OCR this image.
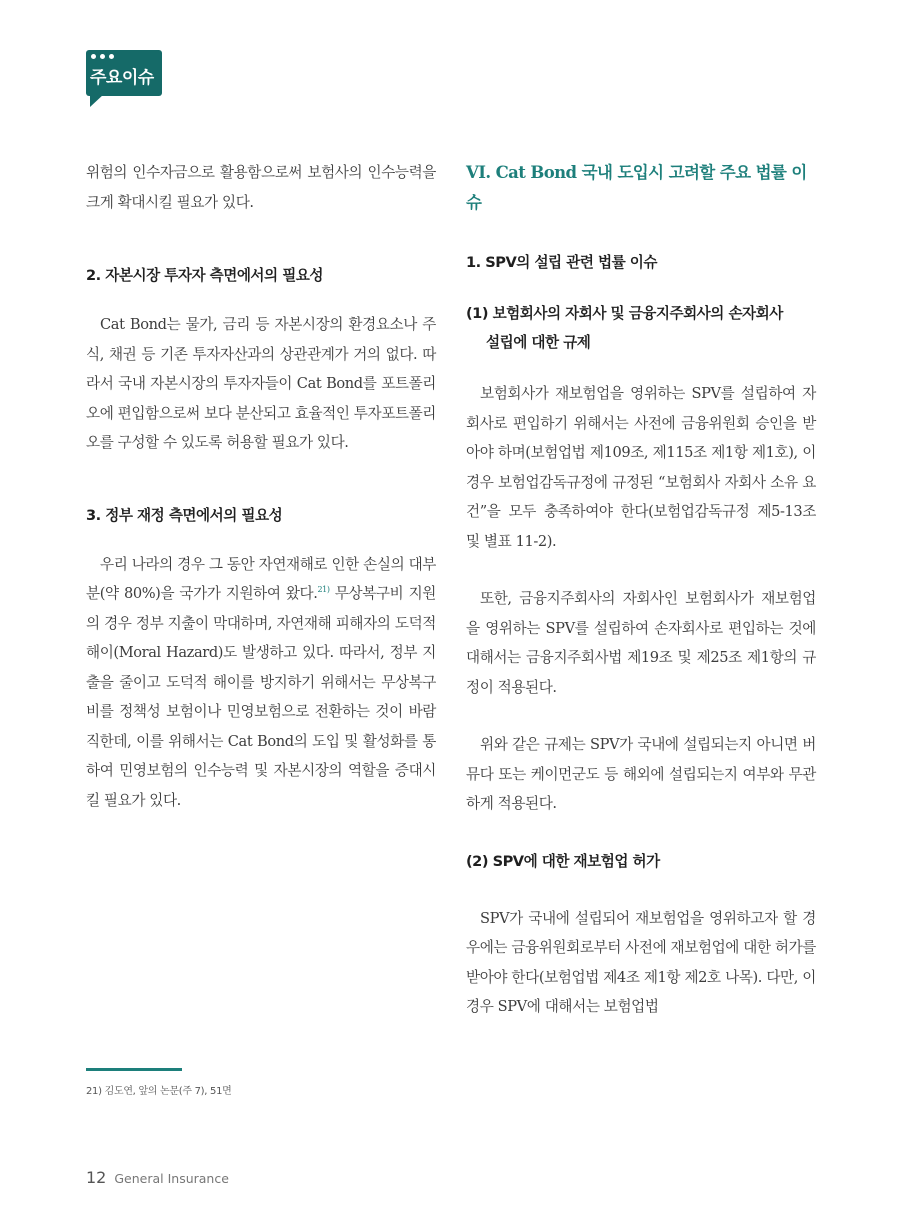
주요이슈

위험의 인수자금으로 활용함으로써 보험사의 인수능력을 크게 확대시킬 필요가 있다.

2. 자본시장 투자자 측면에서의 필요성

Cat Bond는 물가, 금리 등 자본시장의 환경요소나 주식, 채권 등 기존 투자자산과의 상관관계가 거의 없다. 따라서 국내 자본시장의 투자자들이 Cat Bond를 포트폴리오에 편입함으로써 보다 분산되고 효율적인 투자포트폴리오를 구성할 수 있도록 허용할 필요가 있다.

3. 정부 재정 측면에서의 필요성

우리 나라의 경우 그 동안 자연재해로 인한 손실의 대부분(약 80%)을 국가가 지원하여 왔다.$^{21)}$ 무상복구비 지원의 경우 정부 지출이 막대하며, 자연재해 피해자의 도덕적 해이(Moral Hazard)도 발생하고 있다. 따라서, 정부 지출을 줄이고 도덕적 해이를 방지하기 위해서는 무상복구비를 정책성 보험이나 민영보험으로 전환하는 것이 바람직한데, 이를 위해서는 Cat Bond의 도입 및 활성화를 통하여 민영보험의 인수능력 및 자본시장의 역할을 증대시킬 필요가 있다.

VI. Cat Bond 국내 도입시 고려할 주요 법률 이슈
1. SPV의 설립 관련 법률 이슈
(1) 보험회사의 자회사 및 금융지주회사의 손자회사
설립에 대한 규제

보험회사가 재보험업을 영위하는 SPV를 설립하여 자회사로 편입하기 위해서는 사전에 금융위원회 승인을 받아야 하며(보험업법 제109조, 제115조 제1항 제1호), 이 경우 보험업감독규정에 규정된 “보험회사 자회사 소유 요건”을 모두 충족하여야 한다(보험업감독규정 제5-13조 및 별표 11-2).

또한, 금융지주회사의 자회사인 보험회사가 재보험업을 영위하는 SPV를 설립하여 손자회사로 편입하는 것에 대해서는 금융지주회사법 제19조 및 제25조 제1항의 규정이 적용된다.

위와 같은 규제는 SPV가 국내에 설립되는지 아니면 버뮤다 또는 케이먼군도 등 해외에 설립되는지 여부와 무관하게 적용된다.

(2) SPV에 대한 재보험업 허가

SPV가 국내에 설립되어 재보험업을 영위하고자 할 경우에는 금융위원회로부터 사전에 재보험업에 대한 허가를 받아야 한다(보험업법 제4조 제1항 제2호 나목). 다만, 이 경우 SPV에 대해서는 보험업법

21) 김도연, 앞의 논문(주 7), 51면
12 General Insurance
